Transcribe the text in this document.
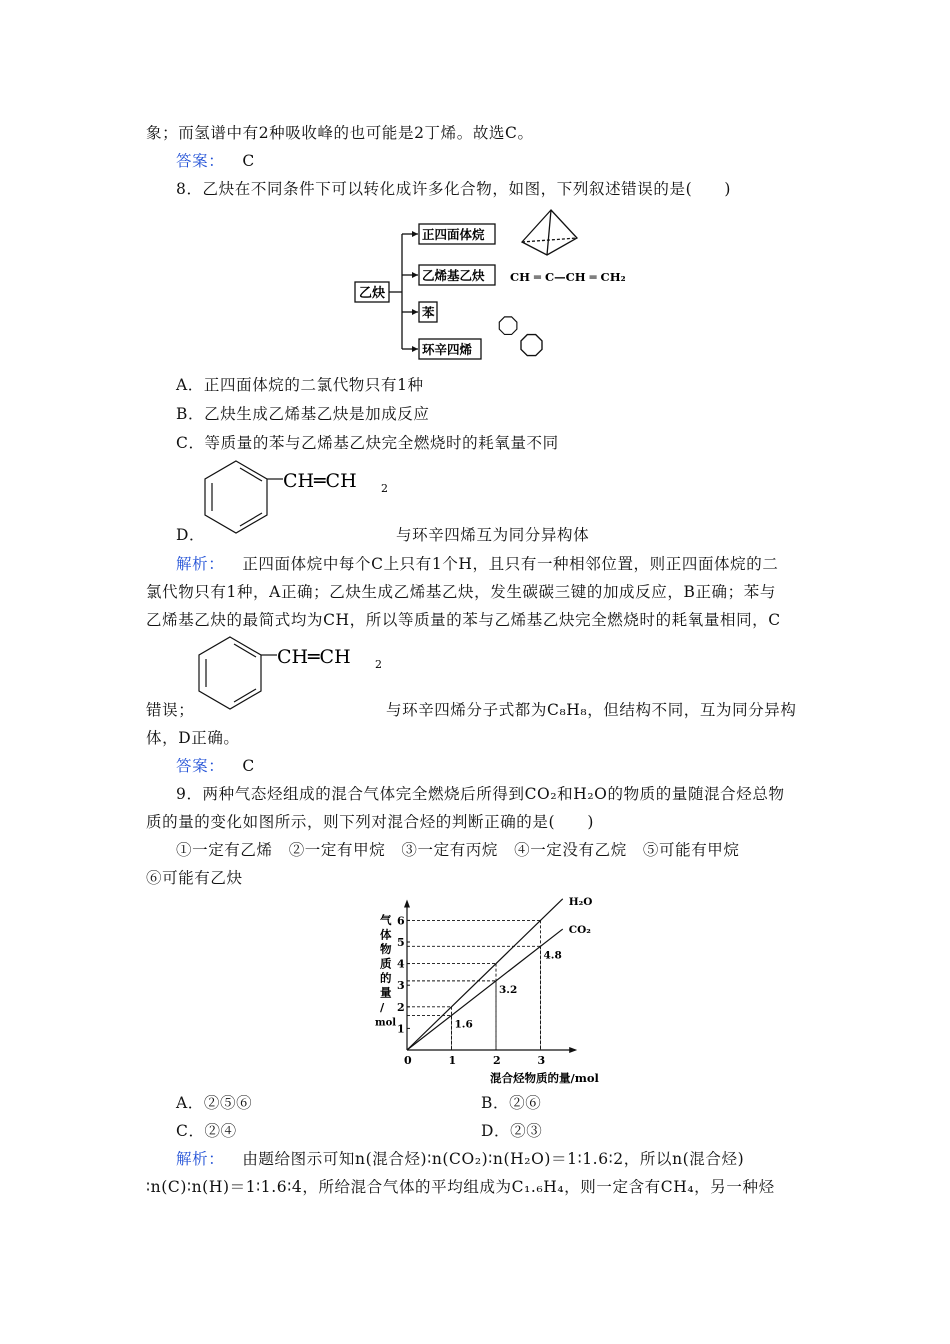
象；而氢谱中有2种吸收峰的也可能是2丁烯。故选C。
答案： C
8．乙炔在不同条件下可以转化成许多化合物，如图，下列叙述错误的是(　　)
乙炔
正四面体烷
乙烯基乙炔
苯
环辛四烯
CH ═ C—CH ═ CH₂
A．正四面体烷的二氯代物只有1种
B．乙炔生成乙烯基乙炔是加成反应
C．等质量的苯与乙烯基乙炔完全燃烧时的耗氧量不同
CH═CH 2
D．	与环辛四烯互为同分异构体
解析： 正四面体烷中每个C上只有1个H，且只有一种相邻位置，则正四面体烷的二
氯代物只有1种，A正确；乙炔生成乙烯基乙炔，发生碳碳三键的加成反应，B正确；苯与
乙烯基乙炔的最简式均为CH，所以等质量的苯与乙烯基乙炔完全燃烧时的耗氧量相同，C
CH═CH 2
错误；	与环辛四烯分子式都为C₈H₈，但结构不同，互为同分异构
体，D正确。
答案： C
9．两种气态烃组成的混合气体完全燃烧后所得到CO₂和H₂O的物质的量随混合烃总物
质的量的变化如图所示，则下列对混合烃的判断正确的是(　　)
①一定有乙烯　②一定有甲烷　③一定有丙烷　④一定没有乙烷　⑤可能有甲烷
⑥可能有乙炔
H₂O
CO₂
0	1	2	3
1
2
3
4
5
6
1.6
3.2
4.8
气
体
物
质
的
量
/
mol
混合烃物质的量/mol
A．②⑤⑥	B．②⑥
C．②④	D．②③
解析： 由题给图示可知n(混合烃)∶n(CO₂)∶n(H₂O)＝1∶1.6∶2，所以n(混合烃)
∶n(C)∶n(H)＝1∶1.6∶4，所给混合气体的平均组成为C₁.₆H₄，则一定含有CH₄，另一种烃
